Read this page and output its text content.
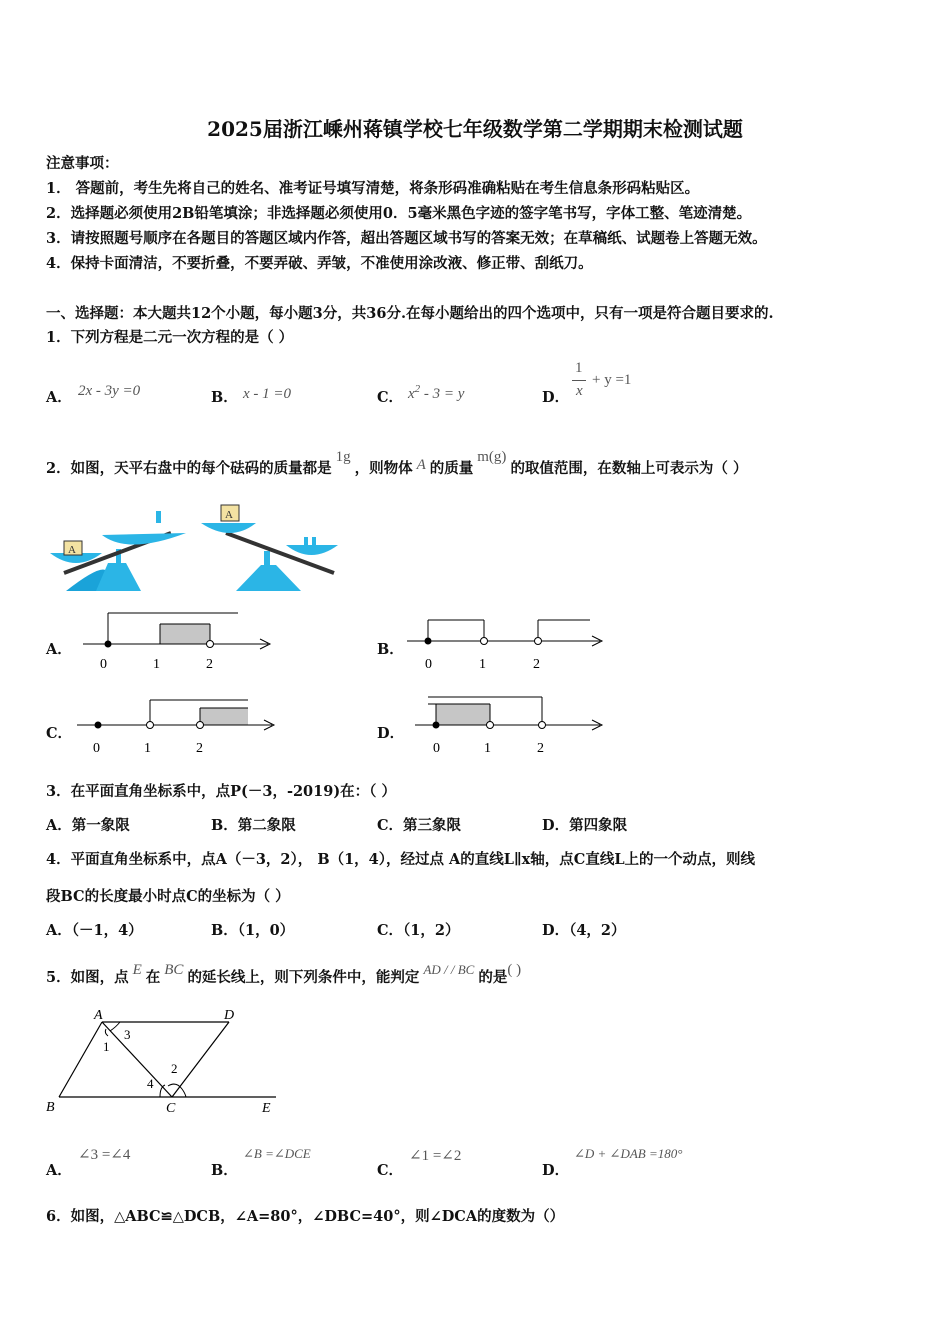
2025届浙江嵊州蒋镇学校七年级数学第二学期期末检测试题
注意事项：
1． 答题前，考生先将自己的姓名、准考证号填写清楚，将条形码准确粘贴在考生信息条形码粘贴区。
2．选择题必须使用2B铅笔填涂；非选择题必须使用0．5毫米黑色字迹的签字笔书写，字体工整、笔迹清楚。
3．请按照题号顺序在各题目的答题区域内作答，超出答题区域书写的答案无效；在草稿纸、试题卷上答题无效。
4．保持卡面清洁，不要折叠，不要弄破、弄皱，不准使用涂改液、修正带、刮纸刀。
一、选择题：本大题共12个小题，每小题3分，共36分.在每小题给出的四个选项中，只有一项是符合题目要求的.
1．下列方程是二元一次方程的是（ ）
A． 2x - 3y =0	B． x - 1 =0	C． $x^2 - 3 = y$	D．
1
x
+ y =1
2．如图，天平右盘中的每个砝码的质量都是1g，则物体 A 的质量m(g)的取值范围，在数轴上可表示为（ ）
A
A
A．
0	1	2
B．
0	1	2
C．
0	1	2
D．
0	1	2
3．在平面直角坐标系中，点P(－3，-2019)在：（ ）
A．第一象限	B．第二象限	C．第三象限	D．第四象限
4．平面直角坐标系中，点A（－3，2）， B（1，4），经过点 A的直线L∥x轴，点C直线L上的一个动点，则线
段BC的长度最小时点C的坐标为（ ）
A．（－1，4）	B．（1，0）	C．（1，2）	D．（4，2）
5．如图，点 E 在 BC 的延长线上，则下列条件中，能判定 AD / / BC 的是( )
A	D
B	C	E
1
3
2
4
A．
∠3 =∠4
B．
∠B =∠DCE
C．
∠1 =∠2
D．
∠D + ∠DAB =180°
6．如图，△ABC≌△DCB，∠A=80°，∠DBC=40°，则∠DCA的度数为（）
